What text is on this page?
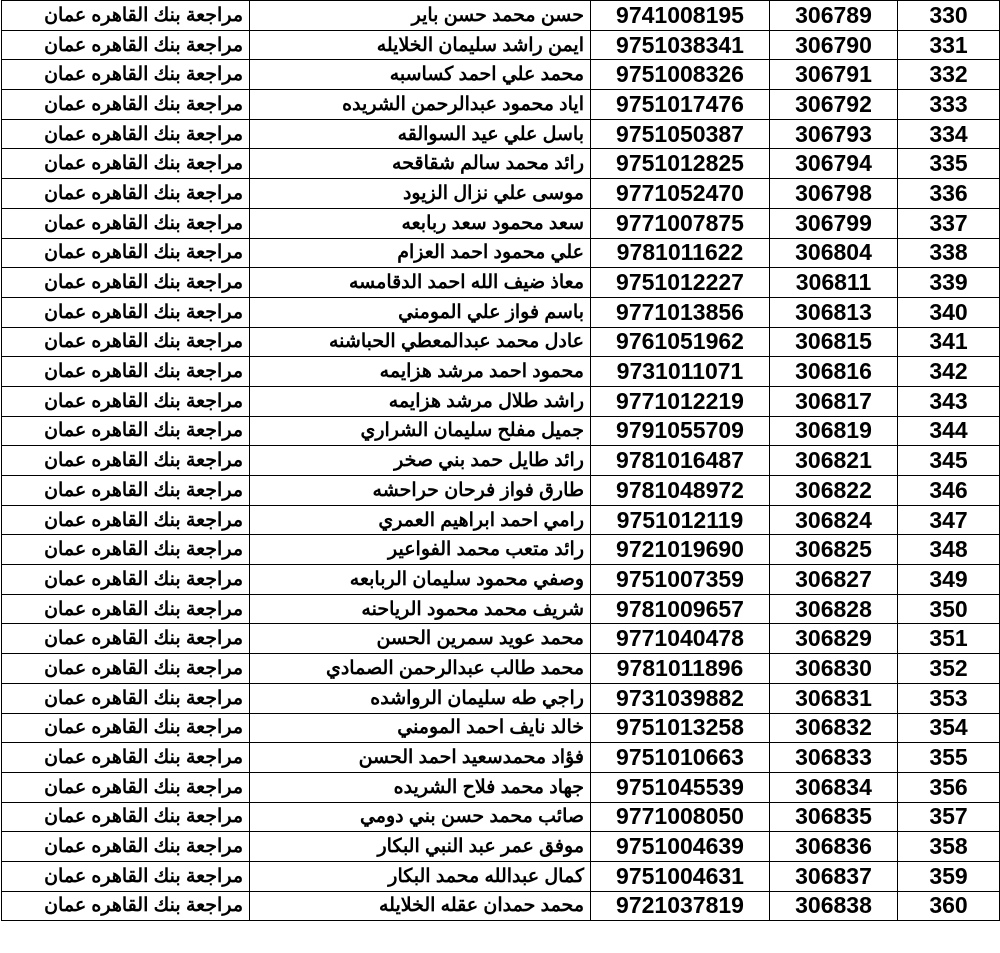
مراجعة بنك القاهره عمان	حسن محمد حسن باير	9741008195	306789	330
مراجعة بنك القاهره عمان	ايمن راشد سليمان الخلايله	9751038341	306790	331
مراجعة بنك القاهره عمان	محمد علي احمد كساسبه	9751008326	306791	332
مراجعة بنك القاهره عمان	اياد محمود عبدالرحمن الشريده	9751017476	306792	333
مراجعة بنك القاهره عمان	باسل علي عيد السوالقه	9751050387	306793	334
مراجعة بنك القاهره عمان	رائد محمد سالم شقاقحه	9751012825	306794	335
مراجعة بنك القاهره عمان	موسى علي نزال الزيود	9771052470	306798	336
مراجعة بنك القاهره عمان	سعد محمود سعد ربابعه	9771007875	306799	337
مراجعة بنك القاهره عمان	علي محمود احمد العزام	9781011622	306804	338
مراجعة بنك القاهره عمان	معاذ ضيف الله احمد الدقامسه	9751012227	306811	339
مراجعة بنك القاهره عمان	باسم فواز علي المومني	9771013856	306813	340
مراجعة بنك القاهره عمان	عادل محمد عبدالمعطي الحباشنه	9761051962	306815	341
مراجعة بنك القاهره عمان	محمود احمد مرشد هزايمه	9731011071	306816	342
مراجعة بنك القاهره عمان	راشد طلال مرشد هزايمه	9771012219	306817	343
مراجعة بنك القاهره عمان	جميل مفلح سليمان الشراري	9791055709	306819	344
مراجعة بنك القاهره عمان	رائد طايل حمد بني صخر	9781016487	306821	345
مراجعة بنك القاهره عمان	طارق فواز فرحان حراحشه	9781048972	306822	346
مراجعة بنك القاهره عمان	رامي احمد ابراهيم العمري	9751012119	306824	347
مراجعة بنك القاهره عمان	رائد متعب محمد الفواعير	9721019690	306825	348
مراجعة بنك القاهره عمان	وصفي محمود سليمان الربابعه	9751007359	306827	349
مراجعة بنك القاهره عمان	شريف محمد محمود الرياحنه	9781009657	306828	350
مراجعة بنك القاهره عمان	محمد عويد سمرين الحسن	9771040478	306829	351
مراجعة بنك القاهره عمان	محمد طالب عبدالرحمن الصمادي	9781011896	306830	352
مراجعة بنك القاهره عمان	راجي طه سليمان الرواشده	9731039882	306831	353
مراجعة بنك القاهره عمان	خالد نايف احمد المومني	9751013258	306832	354
مراجعة بنك القاهره عمان	فؤاد محمدسعيد احمد الحسن	9751010663	306833	355
مراجعة بنك القاهره عمان	جهاد محمد فلاح الشريده	9751045539	306834	356
مراجعة بنك القاهره عمان	صائب محمد حسن بني دومي	9771008050	306835	357
مراجعة بنك القاهره عمان	موفق عمر عبد النبي البكار	9751004639	306836	358
مراجعة بنك القاهره عمان	كمال عبدالله محمد البكار	9751004631	306837	359
مراجعة بنك القاهره عمان	محمد حمدان عقله الخلايله	9721037819	306838	360
